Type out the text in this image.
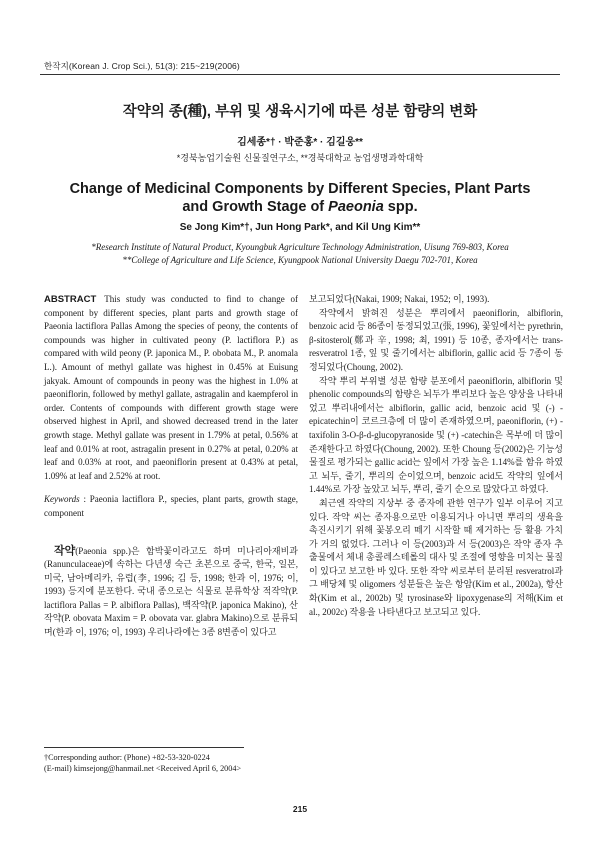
한작지(Korean J. Crop Sci.), 51(3): 215~219(2006)
작약의 종(種), 부위 및 생육시기에 따른 성분 함량의 변화
김세종*† · 박준홍* · 김길웅**
*경북농업기술원 신물질연구소, **경북대학교 농업생명과학대학
Change of Medicinal Components by Different Species, Plant Parts
and Growth Stage of Paeonia spp.
Se Jong Kim*†, Jun Hong Park*, and Kil Ung Kim**
*Research Institute of Natural Product, Kyoungbuk Agriculture Technology Administration, Uisung 769-803, Korea
**College of Agriculture and Life Science, Kyungpook National University Daegu 702-701, Korea

ABSTRACT This study was conducted to find to change of component by different species, plant parts and growth stage of Paeonia lactiflora Pallas Among the species of peony, the contents of compounds was higher in cultivated peony (P. lactiflora P.) as compared with wild peony (P. japonica M., P. obobata M., P. anomala L.). Amount of methyl gallate was highest in 0.45% at Euisung jakyak. Amount of compounds in peony was the highest in 1.0% at paeoniflorin, followed by methyl gallate, astragalin and kaempferol in order. Contents of compounds with different growth stage were observed highest in April, and showed decreased trend in the later growth stage. Methyl gallate was present in 1.79% at petal, 0.56% at leaf and 0.01% at root, astragalin present in 0.27% at petal, 0.20% at leaf and 0.03% at root, and paeoniflorin present at 0.43% at petal, 1.09% at leaf and 2.52% at root.

Keywords : Paeonia lactiflora P., species, plant parts, growth stage, component

작약(Paeonia spp.)은 함박꽃이라고도 하며 미나리아재비과(Ranunculaceae)에 속하는 다년생 숙근 초본으로 중국, 한국, 일본, 미국, 남아메리카, 유럽(李, 1996; 김 등, 1998; 한과 이, 1976; 이, 1993) 등지에 분포한다. 국내 종으로는 식물로 분류학상 적작약(P. lactiflora Pallas = P. albiflora Pallas), 백작약(P. japonica Makino), 산작약(P. obovata Maxim = P. obovata var. glabra Makino)으로 분류되며(한과 이, 1976; 이, 1993) 우리나라에는 3종 8변종이 있다고

보고되었다(Nakai, 1909; Nakai, 1952; 이, 1993).

작약에서 밝혀진 성분은 뿌리에서 paeoniflorin, albiflorin, benzoic acid 등 86종이 동정되었고(張, 1996), 꽃잎에서는 pyrethrin, β-sitosterol(鄭과 辛, 1998; 최, 1991) 등 10종, 종자에서는 trans-resveratrol 1종, 잎 및 줄기에서는 albiflorin, gallic acid 등 7종이 동정되었다(Choung, 2002).

작약 뿌리 부위별 성분 함량 분포에서 paeoniflorin, albiflorin 및 phenolic compounds의 함량은 뇌두가 뿌리보다 높은 양상을 나타내었고 뿌리내에서는 albiflorin, gallic acid, benzoic acid 및 (-) -epicatechin이 코르크층에 더 많이 존재하였으며, paeoniflorin, (+) -taxifolin 3-O-β-d-glucopyranoside 및 (+) -catechin은 목부에 더 많이 존재한다고 하였다(Choung, 2002). 또한 Choung 등(2002)은 기능성 물질로 평가되는 gallic acid는 잎에서 가장 높은 1.14%를 함유 하였고 뇌두, 줄기, 뿌리의 순이었으며, benzoic acid도 작약의 잎에서 1.44%로 가장 높았고 뇌두, 뿌리, 줄기 순으로 많았다고 하였다.

최근엔 작약의 지상부 중 종자에 관한 연구가 일부 이루어 지고 있다. 작약 씨는 종자용으로만 이용되거나 아니면 뿌리의 생육을 촉진시키기 위해 꽃봉오리 떼기 시작할 때 제거하는 등 활용 가치가 거의 없었다. 그러나 이 등(2003)과 서 등(2003)은 작약 종자 추출물에서 체내 총콜레스테롤의 대사 및 조절에 영향을 미치는 물질이 있다고 보고한 바 있다. 또한 작약 씨로부터 분리된 resveratrol과 그 배당체 및 oligomers 성분들은 높은 항암(Kim et al., 2002a), 항산화(Kim et al., 2002b) 및 tyrosinase와 lipoxygenase의 저해(Kim et al., 2002c) 작용을 나타낸다고 보고되고 있다.

†Corresponding author: (Phone) +82-53-320-0224
(E-mail) kimsejong@hanmail.net <Received April 6, 2004>
215
